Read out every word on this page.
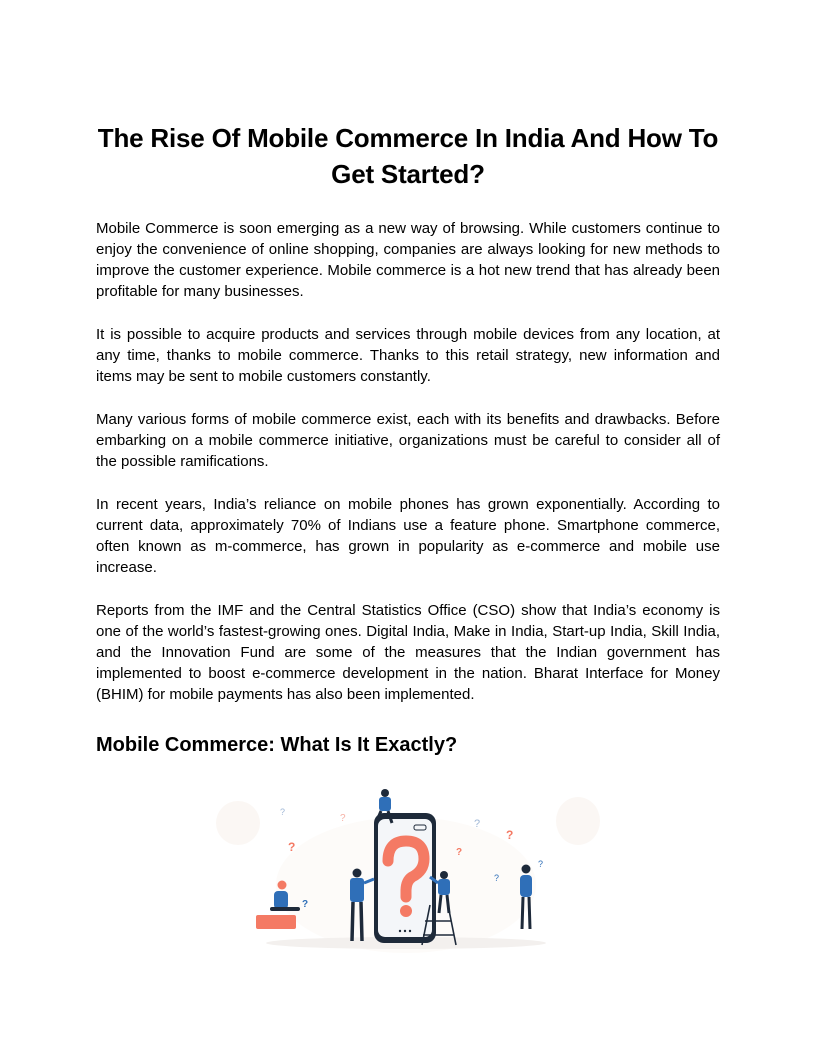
The Rise Of Mobile Commerce In India And How To Get Started?

Mobile Commerce is soon emerging as a new way of browsing. While customers continue to enjoy the convenience of online shopping, companies are always looking for new methods to improve the customer experience. Mobile commerce is a hot new trend that has already been profitable for many businesses.

It is possible to acquire products and services through mobile devices from any location, at any time, thanks to mobile commerce. Thanks to this retail strategy, new information and items may be sent to mobile customers constantly.

Many various forms of mobile commerce exist, each with its benefits and drawbacks. Before embarking on a mobile commerce initiative, organizations must be careful to consider all of the possible ramifications.

In recent years, India’s reliance on mobile phones has grown exponentially. According to current data, approximately 70% of Indians use a feature phone. Smartphone commerce, often known as m-commerce, has grown in popularity as e-commerce and mobile use increase.

Reports from the IMF and the Central Statistics Office (CSO) show that India’s economy is one of the world’s fastest-growing ones. Digital India, Make in India, Start-up India, Skill India, and the Innovation Fund are some of the measures that the Indian government has implemented to boost e-commerce development in the nation. Bharat Interface for Money (BHIM) for mobile payments has also been implemented.

Mobile Commerce: What Is It Exactly?
?
?
?
?
?
?	?
?
?
